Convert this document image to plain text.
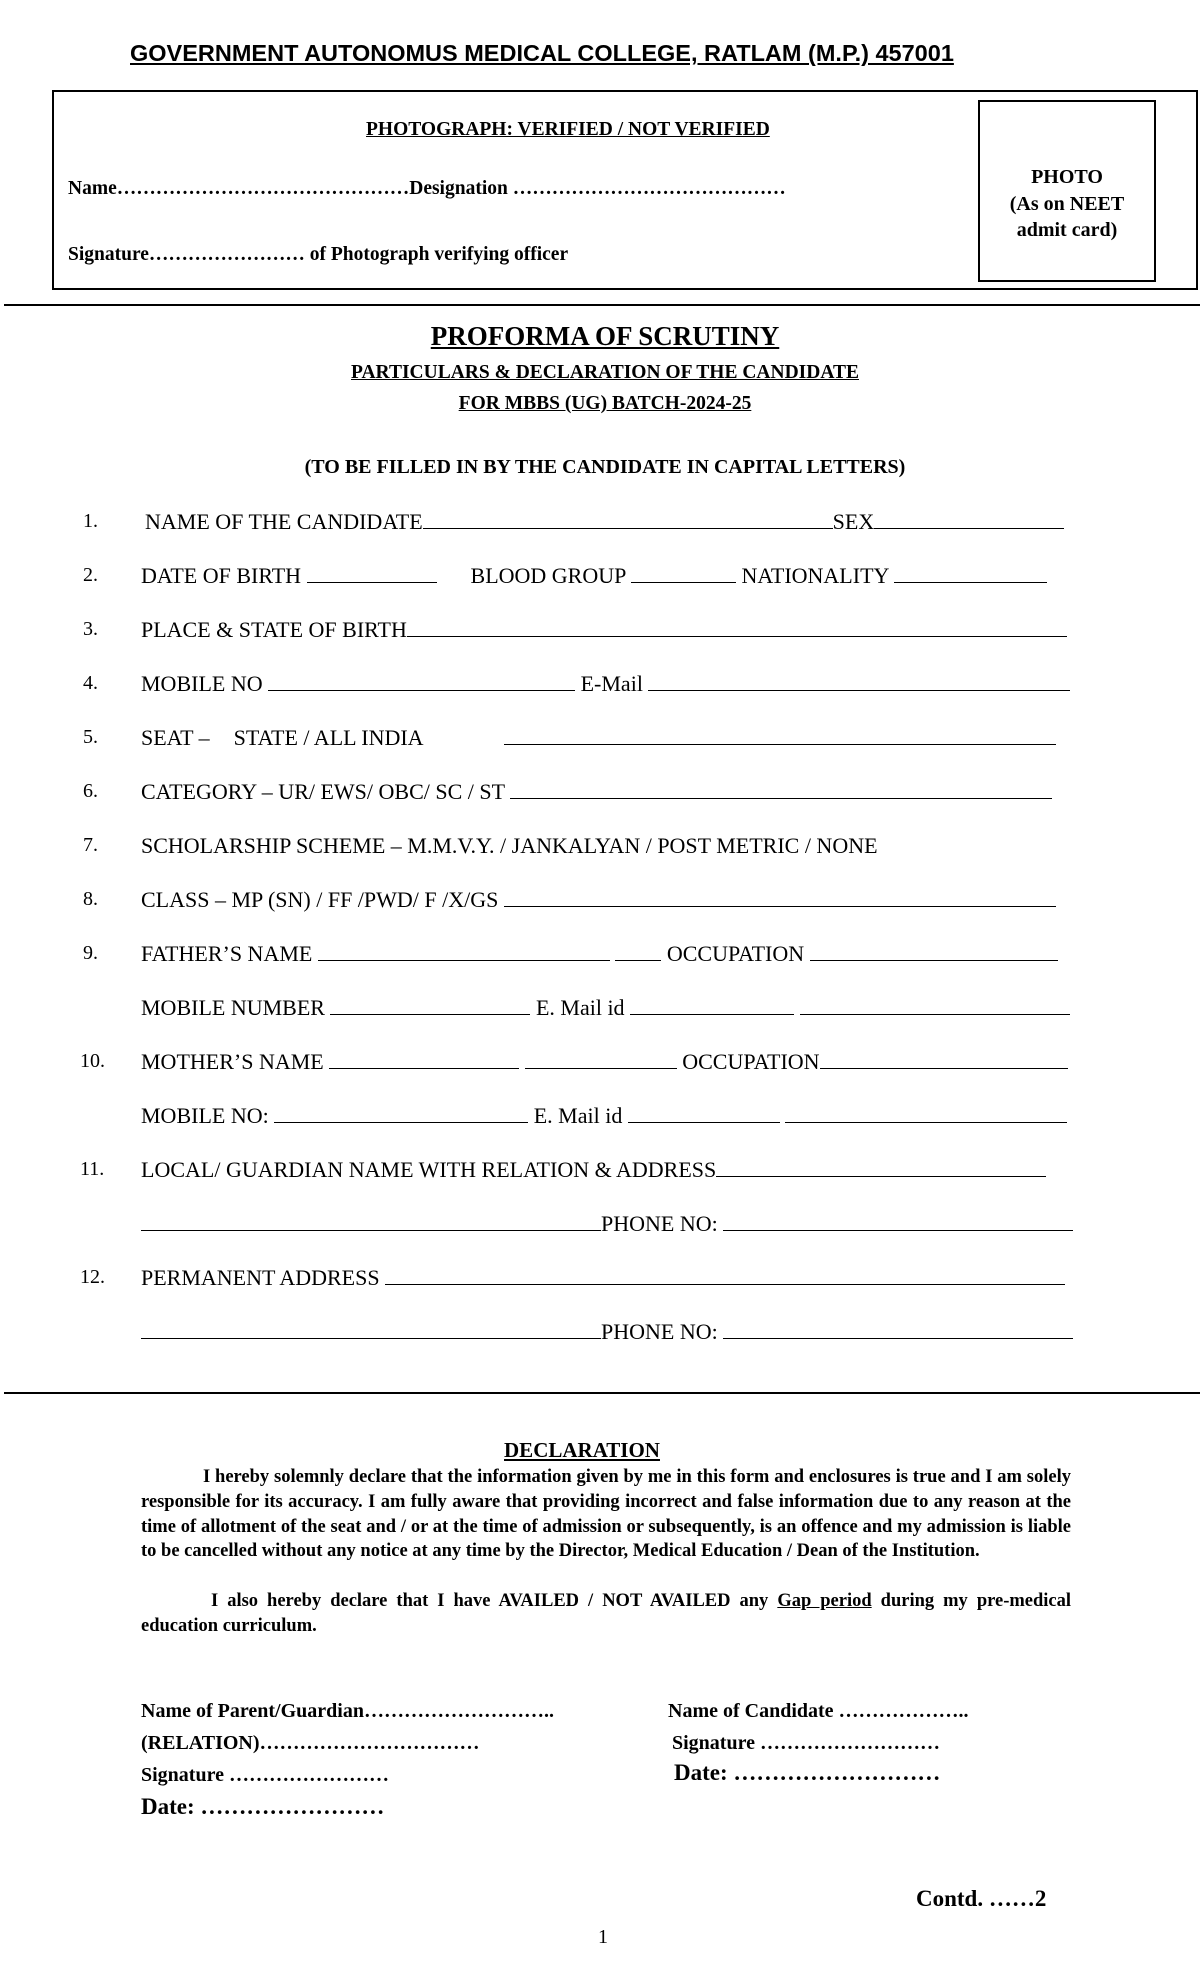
GOVERNMENT AUTONOMUS MEDICAL COLLEGE, RATLAM (M.P.) 457001
PHOTOGRAPH: VERIFIED / NOT VERIFIED
Name………………………………………Designation ……………………………………
Signature…………………… of Photograph verifying officer
PHOTO
(As on NEET
admit card)
PROFORMA OF SCRUTINY
PARTICULARS & DECLARATION OF THE CANDIDATE
FOR MBBS (UG) BATCH-2024-25
(TO BE FILLED IN BY THE CANDIDATE IN CAPITAL LETTERS)
1. NAME OF THE CANDIDATE	SEX
2. DATE OF BIRTH	BLOOD GROUP	NATIONALITY
3. PLACE & STATE OF BIRTH
4. MOBILE NO	E-Mail
5. SEAT – STATE / ALL INDIA
6. CATEGORY – UR/ EWS/ OBC/ SC / ST
7. SCHOLARSHIP SCHEME – M.M.V.Y. / JANKALYAN / POST METRIC / NONE
8. CLASS – MP (SN) / FF /PWD/ F /X/GS
9. FATHER’S NAME	OCCUPATION
MOBILE NUMBER	E. Mail id
10. MOTHER’S NAME	OCCUPATION
MOBILE NO:	E. Mail id
11. LOCAL/ GUARDIAN NAME WITH RELATION & ADDRESS
PHONE NO:
12. PERMANENT ADDRESS
PHONE NO:
DECLARATION
I hereby solemnly declare that the information given by me in this form and enclosures is true and I am solely responsible for its accuracy. I am fully aware that providing incorrect and false information due to any reason at the time of allotment of the seat and / or at the time of admission or subsequently, is an offence and my admission is liable to be cancelled without any notice at any time by the Director, Medical Education / Dean of the Institution.
I also hereby declare that I have AVAILED / NOT AVAILED any Gap period during my pre-medical education curriculum.
Name of Parent/Guardian………………………..
(RELATION)……………………………
Signature ……………………
Date: ……………………
Name of Candidate ………………..
Signature ………………………
Date: ………………………
Contd. ……2
1
